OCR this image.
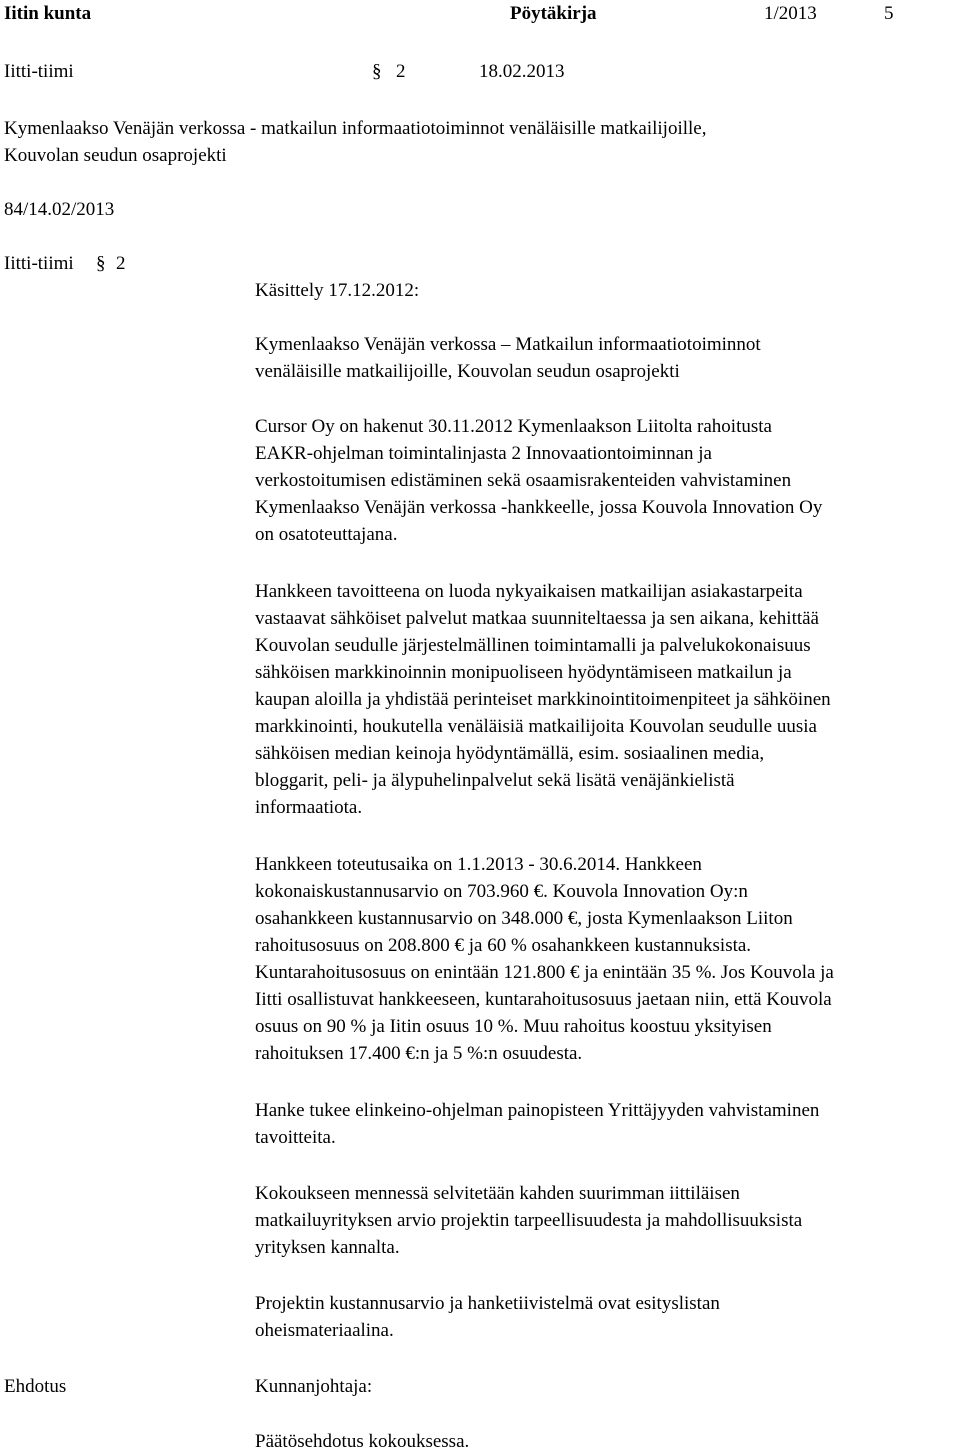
Iitin kunta	Pöytäkirja	1/2013	5
Iitti-tiimi	§ 2	18.02.2013
Kymenlaakso Venäjän verkossa - matkailun informaatiotoiminnot venäläisille matkailijoille,
Kouvolan seudun osaprojekti
84/14.02/2013
Iitti-tiimi § 2
Käsittely 17.12.2012:
Kymenlaakso Venäjän verkossa – Matkailun informaatiotoiminnot
venäläisille matkailijoille, Kouvolan seudun osaprojekti
Cursor Oy on hakenut 30.11.2012 Kymenlaakson Liitolta rahoitusta
EAKR-ohjelman toimintalinjasta 2 Innovaationtoiminnan ja
verkostoitumisen edistäminen sekä osaamisrakenteiden vahvistaminen
Kymenlaakso Venäjän verkossa -hankkeelle, jossa Kouvola Innovation Oy
on osatoteuttajana.
Hankkeen tavoitteena on luoda nykyaikaisen matkailijan asiakastarpeita
vastaavat sähköiset palvelut matkaa suunniteltaessa ja sen aikana, kehittää
Kouvolan seudulle järjestelmällinen toimintamalli ja palvelukokonaisuus
sähköisen markkinoinnin monipuoliseen hyödyntämiseen matkailun ja
kaupan aloilla ja yhdistää perinteiset markkinointitoimenpiteet ja sähköinen
markkinointi, houkutella venäläisiä matkailijoita Kouvolan seudulle uusia
sähköisen median keinoja hyödyntämällä, esim. sosiaalinen media,
bloggarit, peli- ja älypuhelinpalvelut sekä lisätä venäjänkielistä
informaatiota.
Hankkeen toteutusaika on 1.1.2013 - 30.6.2014. Hankkeen
kokonaiskustannusarvio on 703.960 €. Kouvola Innovation Oy:n
osahankkeen kustannusarvio on 348.000 €, josta Kymenlaakson Liiton
rahoitusosuus on 208.800 € ja 60 % osahankkeen kustannuksista.
Kuntarahoitusosuus on enintään 121.800 € ja enintään 35 %. Jos Kouvola ja
Iitti osallistuvat hankkeeseen, kuntarahoitusosuus jaetaan niin, että Kouvola
osuus on 90 % ja Iitin osuus 10 %. Muu rahoitus koostuu yksityisen
rahoituksen 17.400 €:n ja 5 %:n osuudesta.
Hanke tukee elinkeino-ohjelman painopisteen Yrittäjyyden vahvistaminen
tavoitteita.
Kokoukseen mennessä selvitetään kahden suurimman iittiläisen
matkailuyrityksen arvio projektin tarpeellisuudesta ja mahdollisuuksista
yrityksen kannalta.
Projektin kustannusarvio ja hanketiivistelmä ovat esityslistan
oheismateriaalina.
Ehdotus	Kunnanjohtaja:
Päätösehdotus kokouksessa.
